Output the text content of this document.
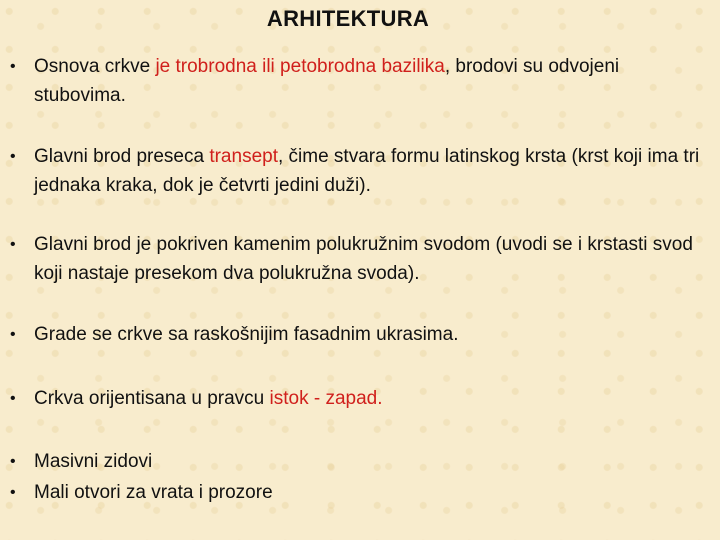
ARHITEKTURA
• Osnova crkve je trobrodna ili petobrodna bazilika, brodovi su odvojeni stubovima.
• Glavni brod preseca transept, čime stvara formu latinskog krsta (krst koji ima tri jednaka kraka, dok je četvrti jedini duži).
• Glavni brod je pokriven kamenim polukružnim svodom (uvodi se i krstasti svod koji nastaje presekom dva polukružna svoda).
• Grade se crkve sa raskošnijim fasadnim ukrasima.
• Crkva orijentisana u pravcu istok - zapad.
• Masivni zidovi
• Mali otvori za vrata i prozore
